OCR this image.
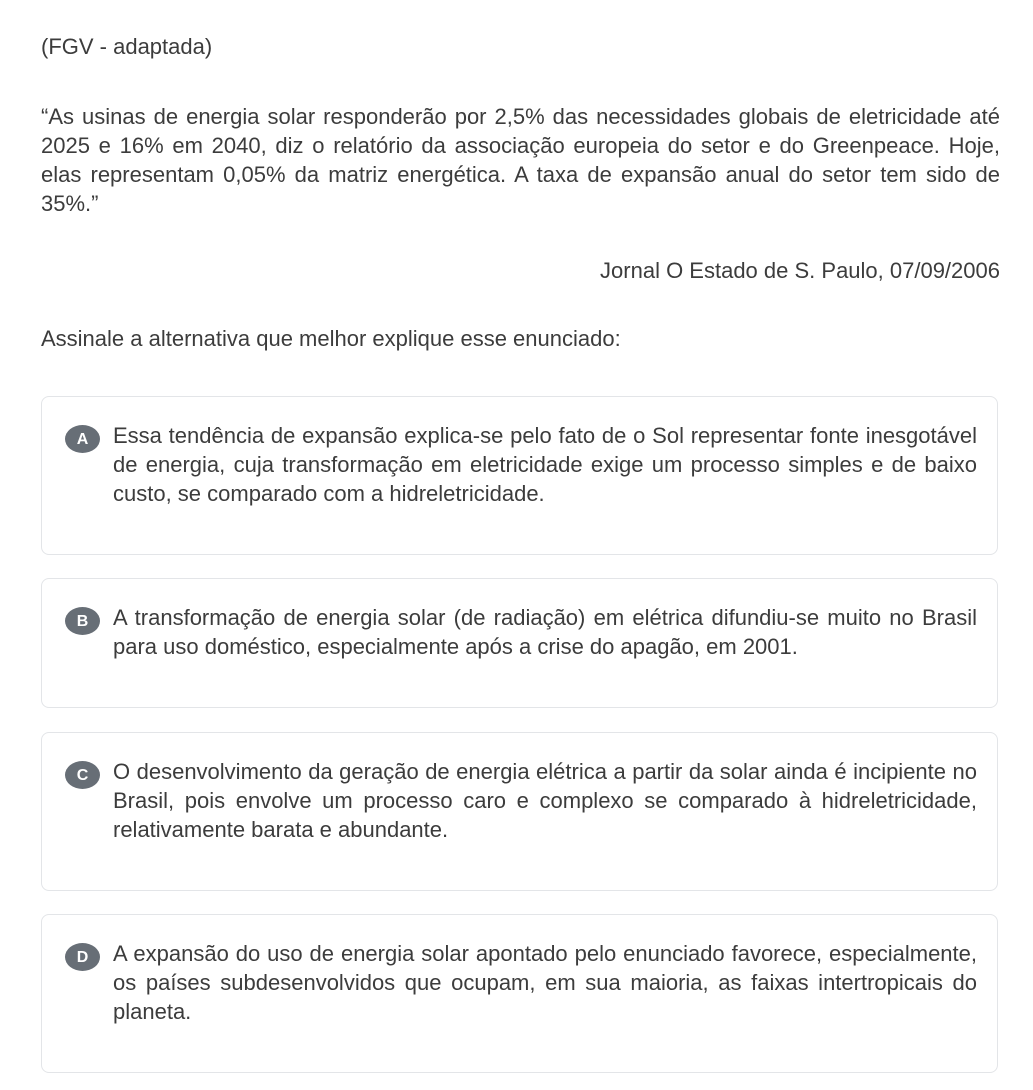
(FGV - adaptada)

“As usinas de energia solar responderão por 2,5% das necessidades globais de eletricidade até 2025 e 16% em 2040, diz o relatório da associação europeia do setor e do Greenpeace. Hoje, elas representam 0,05% da matriz energética. A taxa de expansão anual do setor tem sido de 35%.”

Jornal O Estado de S. Paulo, 07/09/2006

Assinale a alternativa que melhor explique esse enunciado:

A	Essa tendência de expansão explica-se pelo fato de o Sol representar fonte inesgotável de energia, cuja transformação em eletricidade exige um processo simples e de baixo custo, se comparado com a hidreletricidade.

B	A transformação de energia solar (de radiação) em elétrica difundiu-se muito no Brasil para uso doméstico, especialmente após a crise do apagão, em 2001.

C	O desenvolvimento da geração de energia elétrica a partir da solar ainda é incipiente no Brasil, pois envolve um processo caro e complexo se comparado à hidreletricidade, relativamente barata e abundante.

D	A expansão do uso de energia solar apontado pelo enunciado favorece, especialmente, os países subdesenvolvidos que ocupam, em sua maioria, as faixas intertropicais do planeta.
